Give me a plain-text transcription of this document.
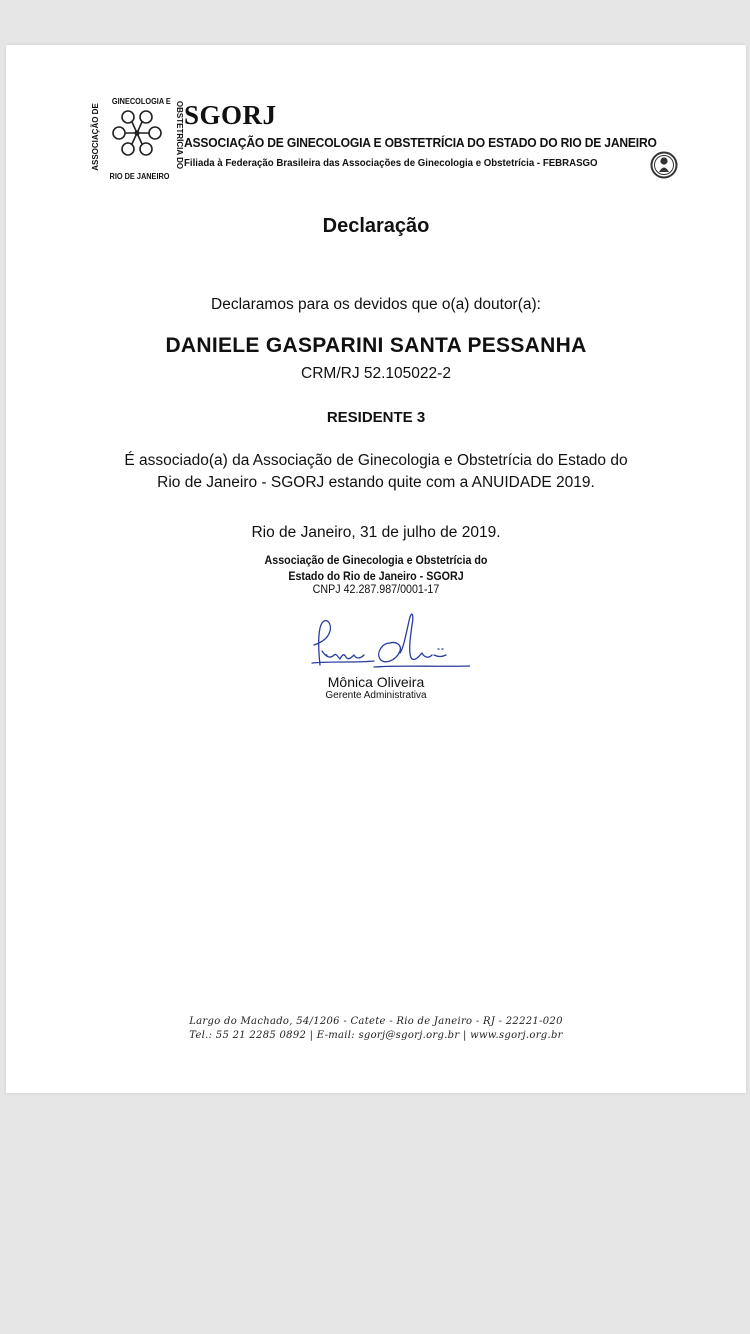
GINECOLOGIA E
ASSOCIAÇÃO DE	OBSTETRÍCIA DO
RIO DE JANEIRO
SGORJ
ASSOCIAÇÃO DE GINECOLOGIA E OBSTETRÍCIA DO ESTADO DO RIO DE JANEIRO
Filiada à Federação Brasileira das Associações de Ginecologia e Obstetrícia - FEBRASGO
Declaração
Declaramos para os devidos que o(a) doutor(a):
DANIELE GASPARINI SANTA PESSANHA
CRM/RJ 52.105022-2
RESIDENTE 3
É associado(a) da Associação de Ginecologia e Obstetrícia do Estado do
Rio de Janeiro - SGORJ estando quite com a ANUIDADE 2019.
Rio de Janeiro, 31 de julho de 2019.
Associação de Ginecologia e Obstetrícia do
Estado do Rio de Janeiro - SGORJ
CNPJ 42.287.987/0001-17
Mônica Oliveira
Gerente Administrativa
Largo do Machado, 54/1206 - Catete - Rio de Janeiro - RJ - 22221-020
Tel.: 55 21 2285 0892 | E-mail: sgorj@sgorj.org.br | www.sgorj.org.br
